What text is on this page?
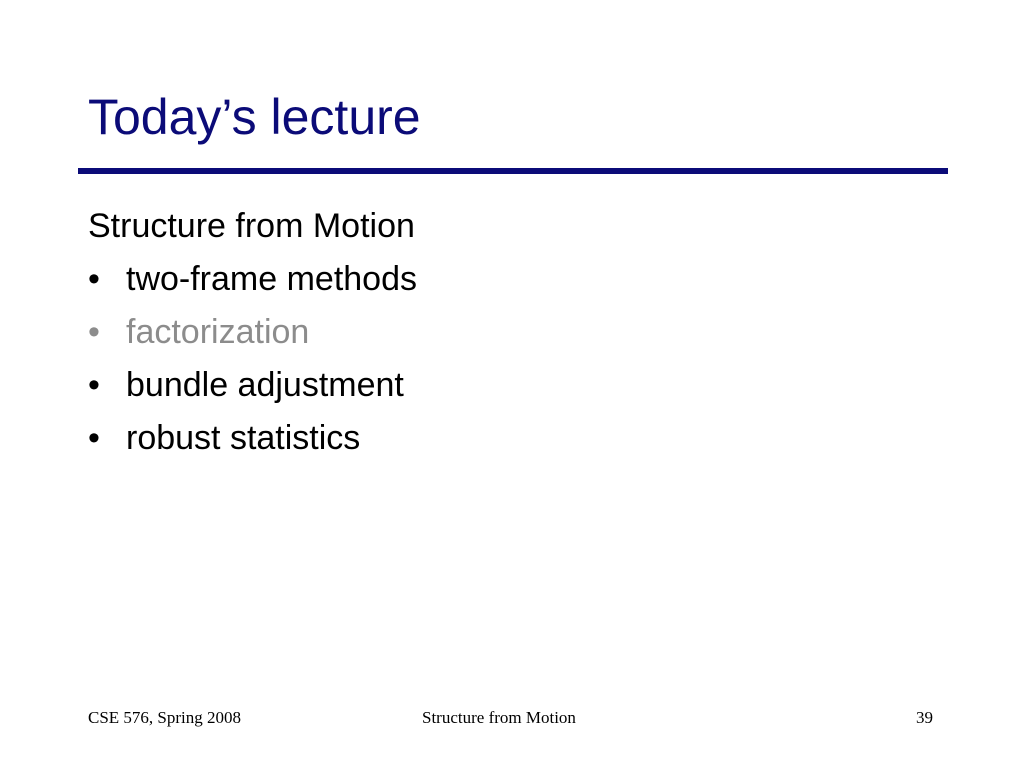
Today’s lecture
Structure from Motion
• two-frame methods
• factorization
• bundle adjustment
• robust statistics
CSE 576, Spring 2008	Structure from Motion	39
